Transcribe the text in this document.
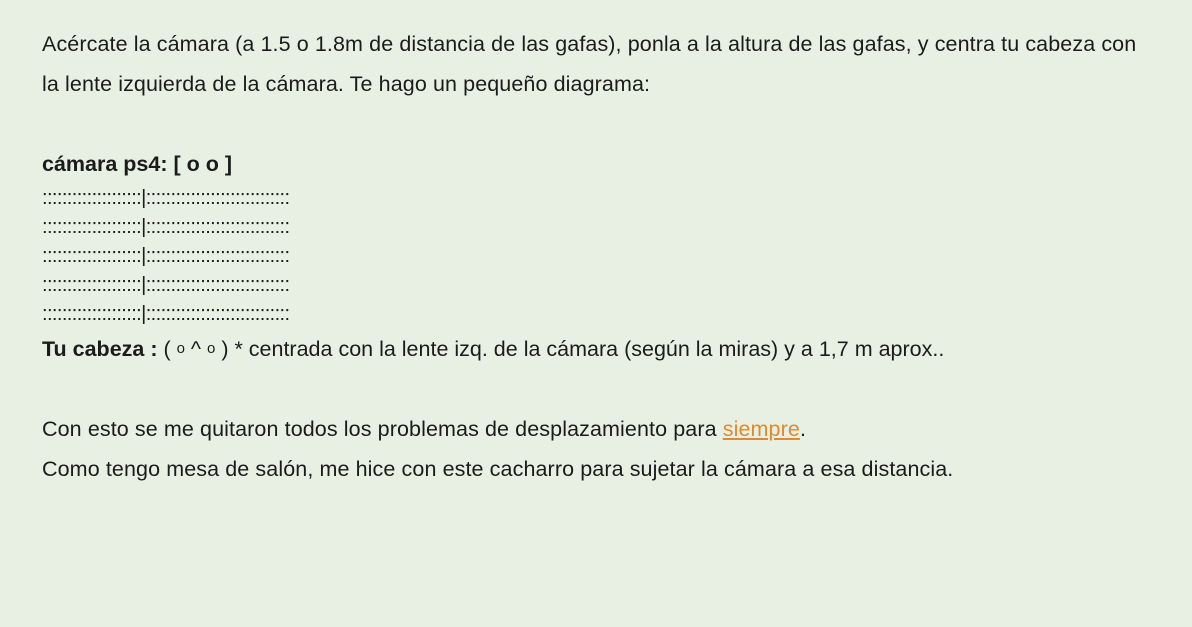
Acércate la cámara (a 1.5 o 1.8m de distancia de las gafas), ponla a la altura de las gafas, y centra tu cabeza con la lente izquierda de la cámara. Te hago un pequeño diagrama:

cámara ps4: [ o o ]

::::::::::::::::::::|:::::::::::::::::::::::::::::
::::::::::::::::::::|:::::::::::::::::::::::::::::
::::::::::::::::::::|:::::::::::::::::::::::::::::
::::::::::::::::::::|:::::::::::::::::::::::::::::
::::::::::::::::::::|:::::::::::::::::::::::::::::

Tu cabeza : ( o ^ o ) * centrada con la lente izq. de la cámara (según la miras) y a 1,7 m aprox..

Con esto se me quitaron todos los problemas de desplazamiento para siempre.

Como tengo mesa de salón, me hice con este cacharro para sujetar la cámara a esa distancia.
